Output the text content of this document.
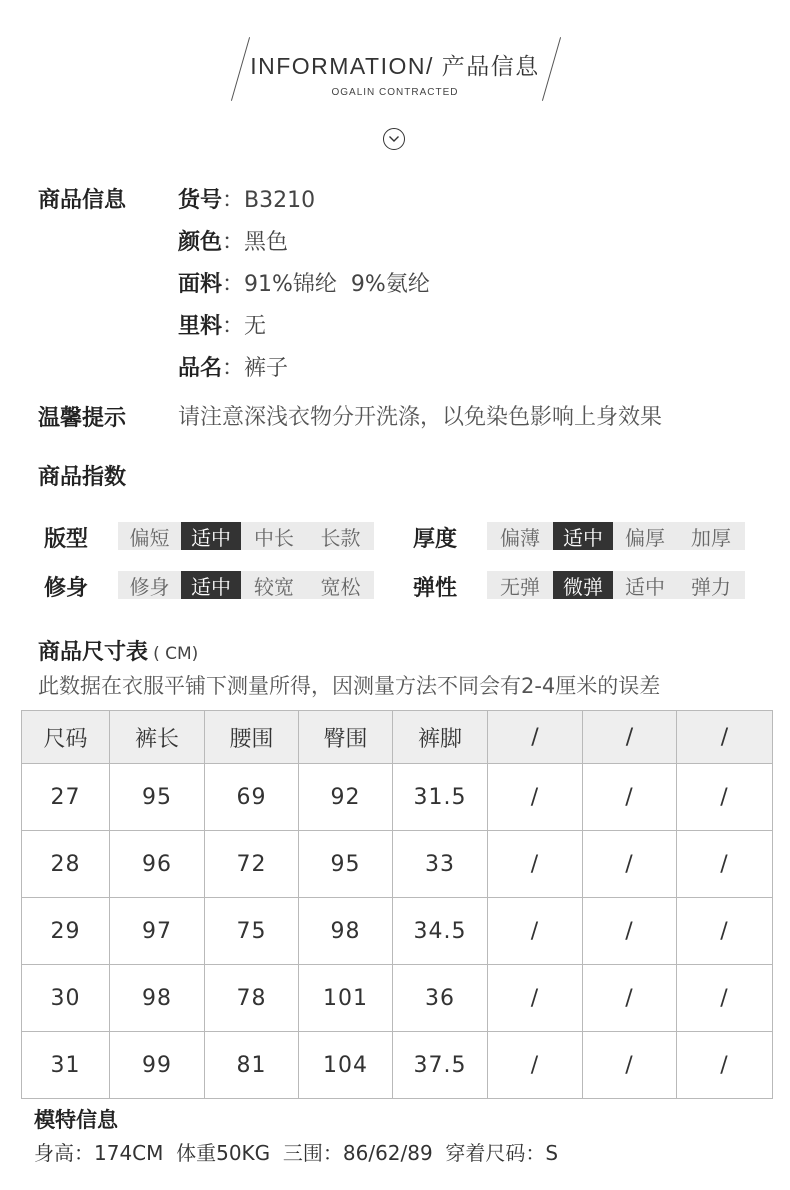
INFORMATION/ 产品信息
OGALIN CONTRACTED
商品信息 货号：B3210
颜色：黑色
面料：91%锦纶  9%氨纶
里料：无
品名：裤子
温馨提示 请注意深浅衣物分开洗涤，以免染色影响上身效果
商品指数
版型	偏短	适中	中长	长款	厚度	偏薄	适中	偏厚	加厚
修身	修身	适中	较宽	宽松	弹性	无弹	微弹	适中	弹力
商品尺寸表 ( CM)
此数据在衣服平铺下测量所得，因测量方法不同会有2-4厘米的误差
尺码	裤长	腰围	臀围	裤脚	/	/	/
27	95	69	92	31.5	/	/	/
28	96	72	95	33	/	/	/
29	97	75	98	34.5	/	/	/
30	98	78	101	36	/	/	/
31	99	81	104	37.5	/	/	/
模特信息
身高：174CM  体重50KG  三围：86/62/89  穿着尺码：S
